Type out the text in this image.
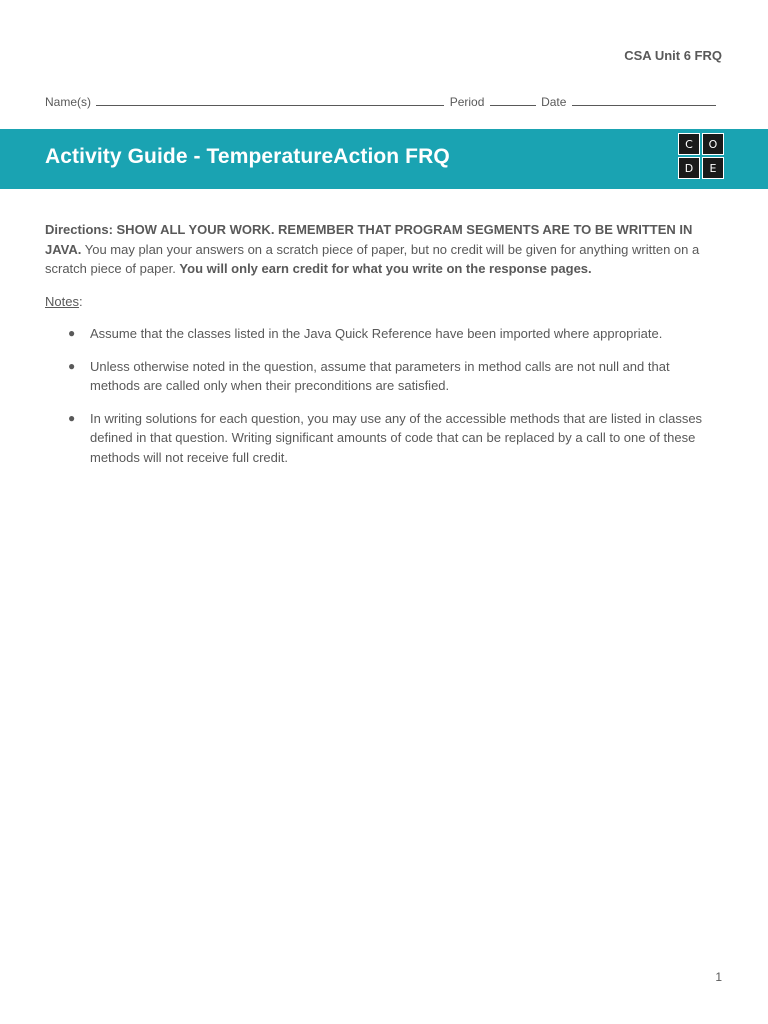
CSA Unit 6 FRQ
Name(s)	Period	Date
Activity Guide - TemperatureAction FRQ
C	O
D	E

Directions: SHOW ALL YOUR WORK. REMEMBER THAT PROGRAM SEGMENTS ARE TO BE WRITTEN IN JAVA. You may plan your answers on a scratch piece of paper, but no credit will be given for anything written on a scratch piece of paper. You will only earn credit for what you write on the response pages.

Notes:

● Assume that the classes listed in the Java Quick Reference have been imported where appropriate.
● Unless otherwise noted in the question, assume that parameters in method calls are not null and that methods are called only when their preconditions are satisfied.
● In writing solutions for each question, you may use any of the accessible methods that are listed in classes defined in that question. Writing significant amounts of code that can be replaced by a call to one of these methods will not receive full credit.
1
